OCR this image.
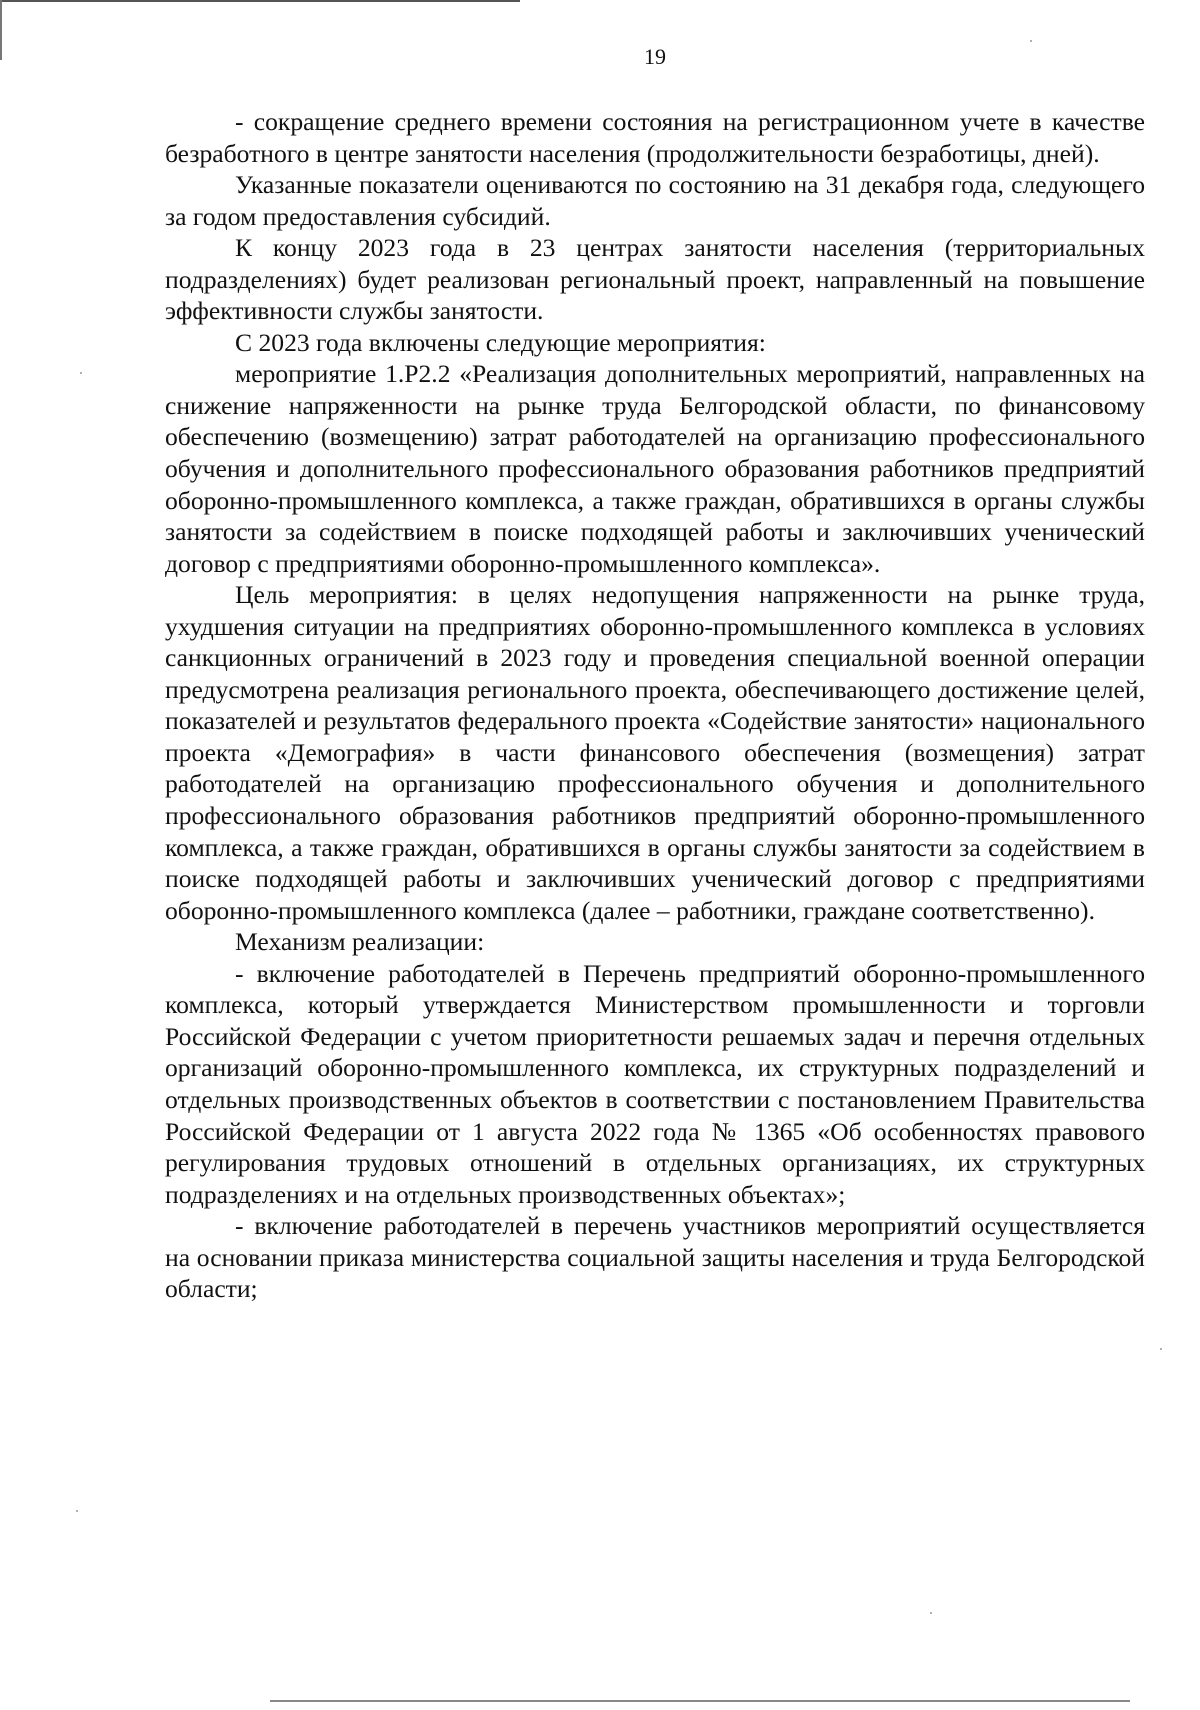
19

- сокращение среднего времени состояния на регистрационном учете в качестве безработного в центре занятости населения (продолжительности безработицы, дней).

Указанные показатели оцениваются по состоянию на 31 декабря года, следующего за годом предоставления субсидий.

К концу 2023 года в 23 центрах занятости населения (территориальных подразделениях) будет реализован региональный проект, направленный на повышение эффективности службы занятости.

С 2023 года включены следующие мероприятия:

мероприятие 1.Р2.2 «Реализация дополнительных мероприятий, направленных на снижение напряженности на рынке труда Белгородской области, по финансовому обеспечению (возмещению) затрат работодателей на организацию профессионального обучения и дополнительного профессионального образования работников предприятий оборонно-промышленного комплекса, а также граждан, обратившихся в органы службы занятости за содействием в поиске подходящей работы и заключивших ученический договор с предприятиями оборонно-промышленного комплекса».

Цель мероприятия: в целях недопущения напряженности на рынке труда, ухудшения ситуации на предприятиях оборонно-промышленного комплекса в условиях санкционных ограничений в 2023 году и проведения специальной военной операции предусмотрена реализация регионального проекта, обеспечивающего достижение целей, показателей и результатов федерального проекта «Содействие занятости» национального проекта «Демография» в части финансового обеспечения (возмещения) затрат работодателей на организацию профессионального обучения и дополнительного профессионального образования работников предприятий оборонно-промышленного комплекса, а также граждан, обратившихся в органы службы занятости за содействием в поиске подходящей работы и заключивших ученический договор с предприятиями оборонно-промышленного комплекса (далее – работники, граждане соответственно).

Механизм реализации:

- включение работодателей в Перечень предприятий оборонно-промышленного комплекса, который утверждается Министерством промышленности и торговли Российской Федерации с учетом приоритетности решаемых задач и перечня отдельных организаций оборонно-промышленного комплекса, их структурных подразделений и отдельных производственных объектов в соответствии с постановлением Правительства Российской Федерации от 1 августа 2022 года № 1365 «Об особенностях правового регулирования трудовых отношений в отдельных организациях, их структурных подразделениях и на отдельных производственных объектах»;

- включение работодателей в перечень участников мероприятий осуществляется на основании приказа министерства социальной защиты населения и труда Белгородской области;
